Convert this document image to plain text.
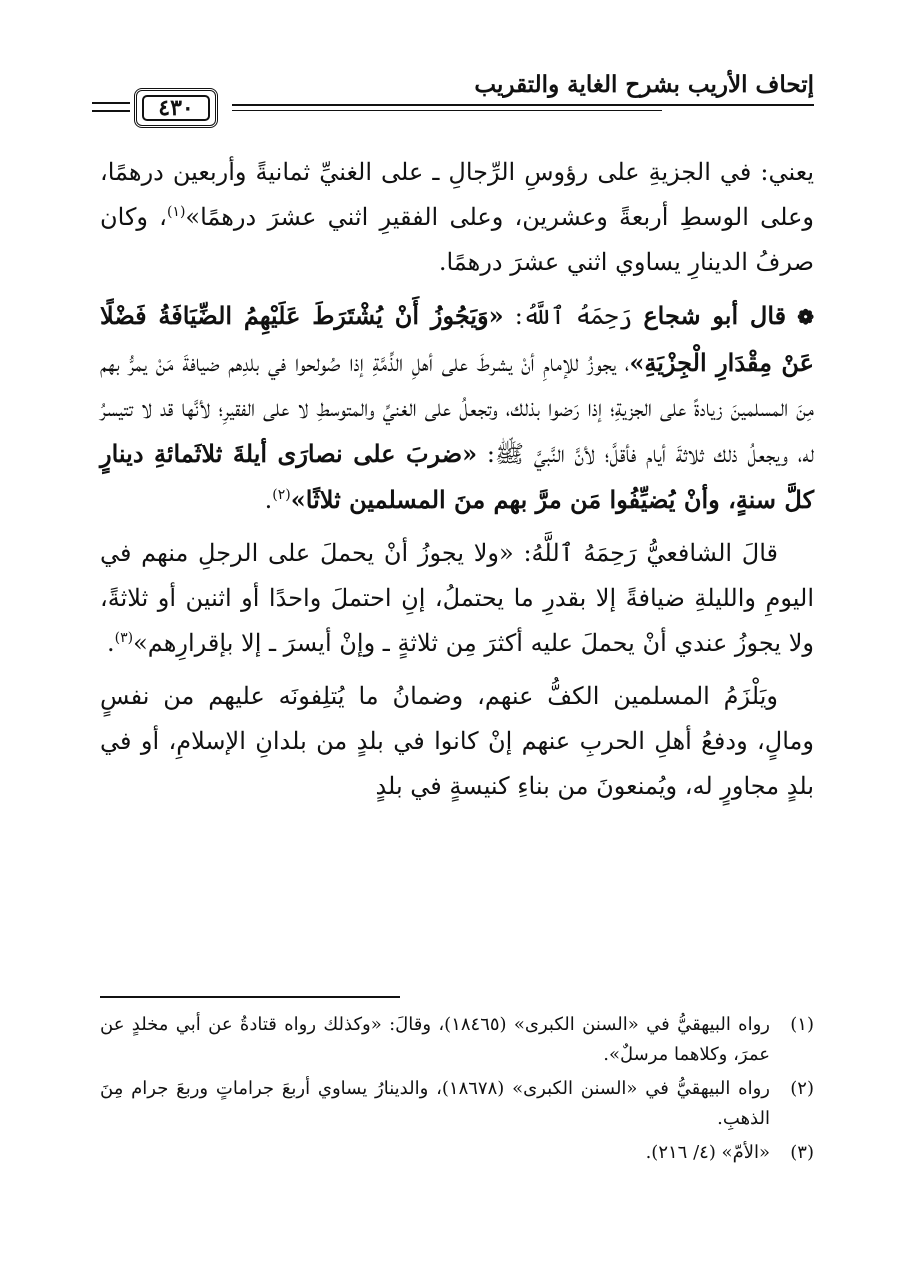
إتحاف الأريب بشرح الغاية والتقريب
٤٣٠

يعني: في الجزيةِ على رؤوسِ الرِّجالِ ـ على الغنيِّ ثمانيةً وأربعين درهمًا، وعلى الوسطِ أربعةً وعشرين، وعلى الفقيرِ اثني عشرَ درهمًا»$^{(١)}$، وكان صرفُ الدينارِ يساوي اثني عشرَ درهمًا.

❁ قال أبو شجاع رَحِمَهُ ٱللَّهُ: «وَيَجُوزُ أَنْ يُشْتَرَطَ عَلَيْهِمُ الضِّيَافَةُ فَضْلًا عَنْ مِقْدَارِ الْجِزْيَةِ»، يجوزُ للإمامِ أنْ يشرطَ على أهلِ الذِّمَّةِ إذا صُولحوا في بلدِهم ضيافةَ مَنْ يمرُّ بهم مِنَ المسلمينَ زيادةً على الجزيةِ؛ إذا رَضوا بذلك، وتجعلُ على الغنيِّ والمتوسطِ لا على الفقيرِ؛ لأنَّها قد لا تتيسرُ له، ويجعلُ ذلك ثلاثةَ أيام فأقلَّ؛ لأنَّ النَّبيَّ ﷺ: «ضربَ على نصارَى أيلةَ ثلاثَمائةِ دينارٍ كلَّ سنةٍ، وأنْ يُضيِّفُوا مَن مرَّ بهم منَ المسلمين ثلاثًا»$^{(٢)}$.

قالَ الشافعيُّ رَحِمَهُ ٱللَّهُ: «ولا يجوزُ أنْ يحملَ على الرجلِ منهم في اليومِ والليلةِ ضيافةً إلا بقدرِ ما يحتملُ، إنِ احتملَ واحدًا أو اثنين أو ثلاثةً، ولا يجوزُ عندي أنْ يحملَ عليه أكثرَ مِن ثلاثةٍ ـ وإنْ أيسرَ ـ إلا بإقرارِهم»$^{(٣)}$.

ويَلْزَمُ المسلمين الكفُّ عنهم، وضمانُ ما يُتلِفونَه عليهم من نفسٍ ومالٍ، ودفعُ أهلِ الحربِ عنهم إنْ كانوا في بلدٍ من بلدانِ الإسلامِ، أو في بلدٍ مجاورٍ له، ويُمنعونَ من بناءِ كنيسةٍ في بلدٍ

(١)
رواه البيهقيُّ في «السنن الكبرى» (١٨٤٦٥)، وقالَ: «وكذلك رواه قتادةُ عن أبي مخلدٍ عن عمرَ، وكلاهما مرسلٌ».
(٢)
رواه البيهقيُّ في «السنن الكبرى» (١٨٦٧٨)، والدينارُ يساوي أربعَ جراماتٍ وربعَ جرام مِنَ الذهبِ.
(٣)
«الأمّ» (٤/ ٢١٦).
